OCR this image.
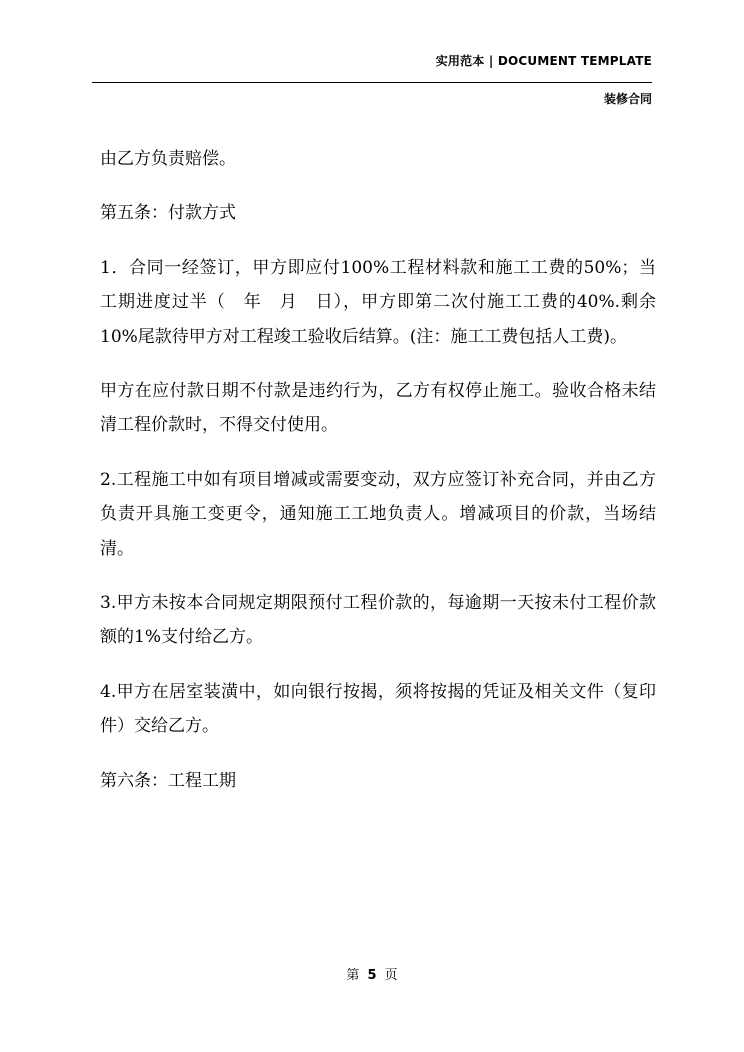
实用范本 | DOCUMENT TEMPLATE
装修合同

由乙方负责赔偿。

第五条：付款方式

1．合同一经签订，甲方即应付100%工程材料款和施工工费的50%；当工期进度过半（　年　月　日），甲方即第二次付施工工费的40%.剩余10%尾款待甲方对工程竣工验收后结算。(注：施工工费包括人工费)。

甲方在应付款日期不付款是违约行为，乙方有权停止施工。验收合格未结清工程价款时，不得交付使用。

2.工程施工中如有项目增减或需要变动，双方应签订补充合同，并由乙方负责开具施工变更令，通知施工工地负责人。增减项目的价款，当场结清。

3.甲方未按本合同规定期限预付工程价款的，每逾期一天按未付工程价款额的1%支付给乙方。

4.甲方在居室装潢中，如向银行按揭，须将按揭的凭证及相关文件（复印件）交给乙方。

第六条：工程工期

第 5 页
